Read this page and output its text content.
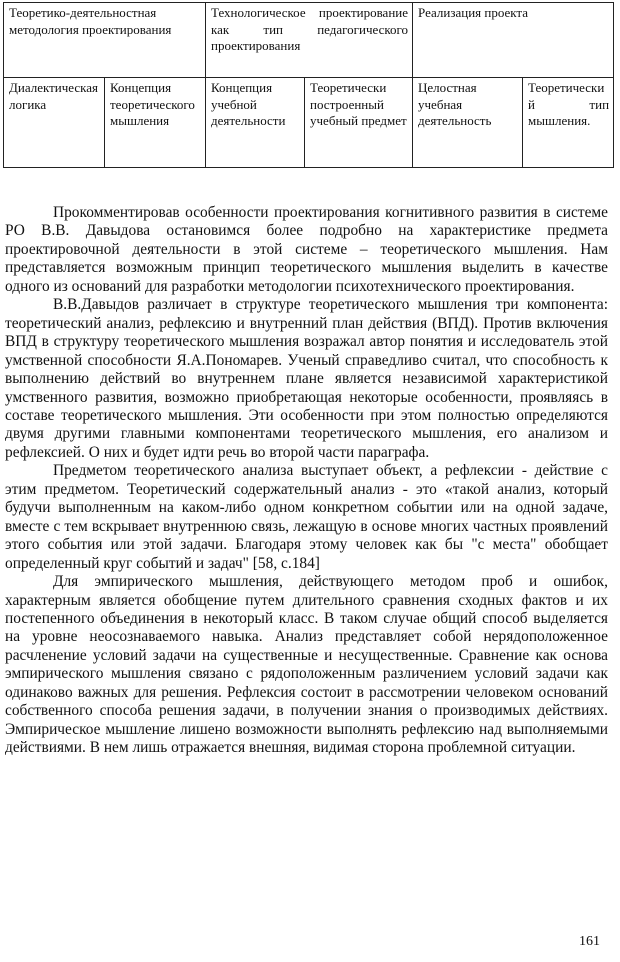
Теоретико-деятельностная методология проектирования		Технологическое проектирование как тип педагогического проектирования		Реализация проекта	
Диалектическая логика	Концепция теоретического мышления	Концепция учебной деятельности	Теоретически построенный учебный предмет	Целостная учебная деятельность	Теоретический тип мышления.

Прокомментировав особенности проектирования когнитивного развития в системе РО В.В. Давыдова остановимся более подробно на характеристике предмета проектировочной деятельности в этой системе – теоретического мышления. Нам представляется возможным принцип теоретического мышления выделить в качестве одного из оснований для разработки методологии психотехнического проектирования.

В.В.Давыдов различает в структуре теоретического мышления три компонента: теоретический анализ, рефлексию и внутренний план действия (ВПД). Против включения ВПД в структуру теоретического мышления возражал автор понятия и исследователь этой умственной способности Я.А.Пономарев. Ученый справедливо считал, что способность к выполнению действий во внутреннем плане является независимой характеристикой умственного развития, возможно приобретающая некоторые особенности, проявляясь в составе теоретического мышления. Эти особенности при этом полностью определяются двумя другими главными компонентами теоретического мышления, его анализом и рефлексией. О них и будет идти речь во второй части параграфа.

Предметом теоретического анализа выступает объект, а рефлексии - действие с этим предметом. Теоретический содержательный анализ - это «такой анализ, который будучи выполненным на каком-либо одном конкретном событии или на одной задаче, вместе с тем вскрывает внутреннюю связь, лежащую в основе многих частных проявлений этого события или этой задачи. Благодаря этому человек как бы "с места" обобщает определенный круг событий и задач" [58, с.184]

Для эмпирического мышления, действующего методом проб и ошибок, характерным является обобщение путем длительного сравнения сходных фактов и их постепенного объединения в некоторый класс. В таком случае общий способ выделяется на уровне неосознаваемого навыка. Анализ представляет собой нерядоположенное расчленение условий задачи на существенные и несущественные. Сравнение как основа эмпирического мышления связано с рядоположенным различением условий задачи как одинаково важных для решения. Рефлексия состоит в рассмотрении человеком оснований собственного способа решения задачи, в получении знания о производимых действиях. Эмпирическое мышление лишено возможности выполнять рефлексию над выполняемыми действиями. В нем лишь отражается внешняя, видимая сторона проблемной ситуации.

161
